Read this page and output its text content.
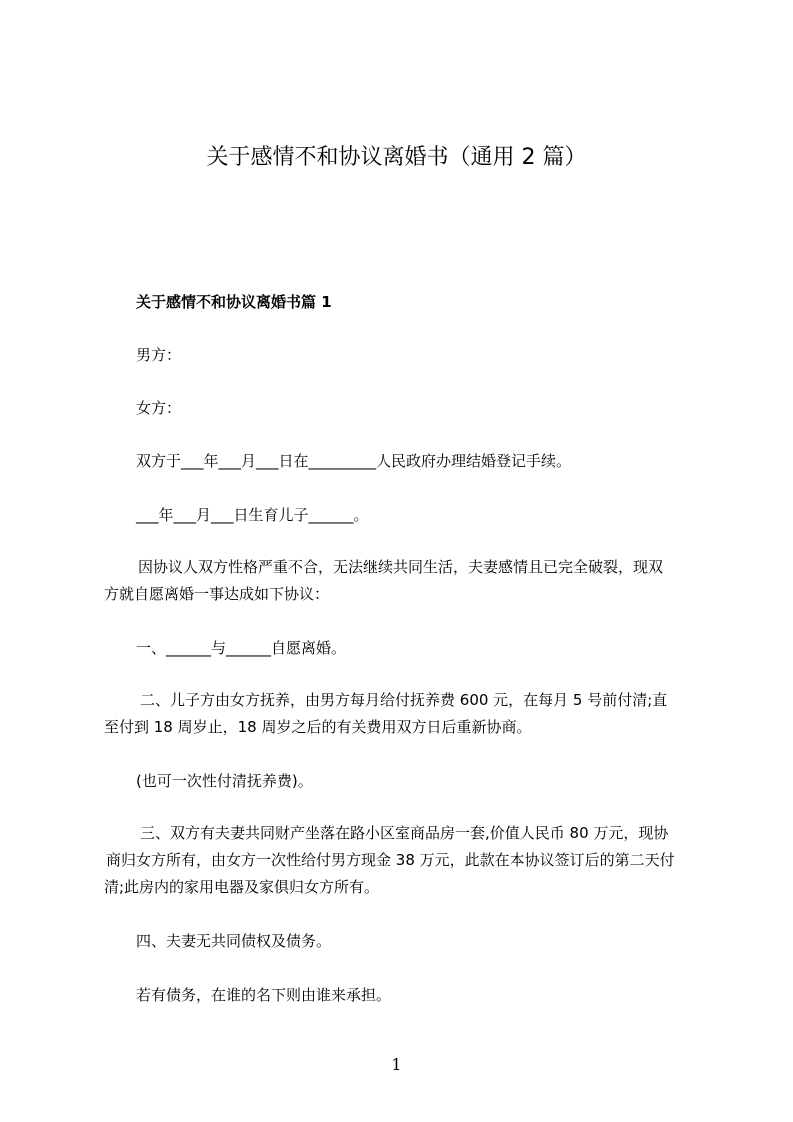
关于感情不和协议离婚书（通用 2 篇）
关于感情不和协议离婚书篇 1
男方：
女方：
双方于___年___月___日在_________人民政府办理结婚登记手续。
___年___月___日生育儿子______。
因协议人双方性格严重不合，无法继续共同生活，夫妻感情且已完全破裂，现双
方就自愿离婚一事达成如下协议：
一、______与______自愿离婚。
二、儿子方由女方抚养，由男方每月给付抚养费 600 元，在每月 5 号前付清;直
至付到 18 周岁止，18 周岁之后的有关费用双方日后重新协商。
(也可一次性付清抚养费)。
三、双方有夫妻共同财产坐落在路小区室商品房一套,价值人民币 80 万元，现协
商归女方所有，由女方一次性给付男方现金 38 万元，此款在本协议签订后的第二天付
清;此房内的家用电器及家俱归女方所有。
四、夫妻无共同债权及债务。
若有债务，在谁的名下则由谁来承担。
1
